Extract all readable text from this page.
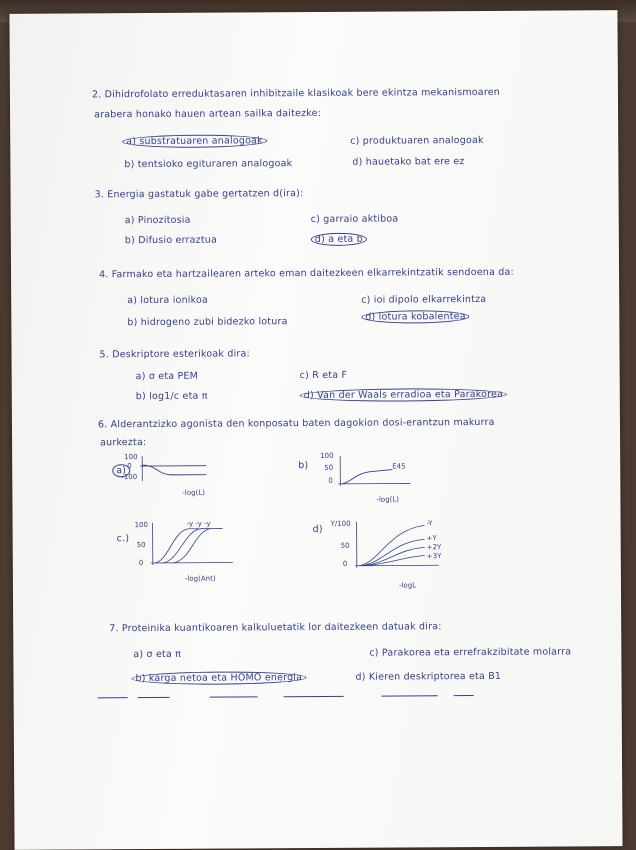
2. Dihidrofolato erreduktasaren inhibitzaile klasikoak bere ekintza mekanismoaren
arabera honako hauen artean sailka daitezke:
a) substratuaren analogoak	c) produktuaren analogoak
b) tentsioko egituraren analogoak	d) hauetako bat ere ez
3. Energia gastatuk gabe gertatzen d(ira):
a) Pinozitosia	c) garraio aktiboa
b) Difusio erraztua	d) a eta b
4. Farmako eta hartzailearen arteko eman daitezkeen elkarrekintzatik sendoena da:
a) lotura ionikoa	c) ioi dipolo elkarrekintza
b) hidrogeno zubi bidezko lotura	d) lotura kobalentea
5. Deskriptore esterikoak dira:
a) σ eta PEM	c) R eta F
b) log1/c eta π	d) Van der Waals erradioa eta Parakorea
6. Alderantzizko agonista den konposatu baten dagokion dosi-erantzun makurra
aurkezta:
a)
100
0
-100
-log(L)
b)
100
50
0
E45
-log(L)
c.)
100
50
0
-y -y -y
-log(Ant)
d)
Y/100
50
0
-Y
+Y
+2Y
+3Y
-logL
7. Proteinika kuantikoaren kalkuluetatik lor daitezkeen datuak dira:
a) σ eta π	c) Parakorea eta errefrakzibitate molarra
b) karga netoa eta HOMO energia	d) Kieren deskriptorea eta B1
